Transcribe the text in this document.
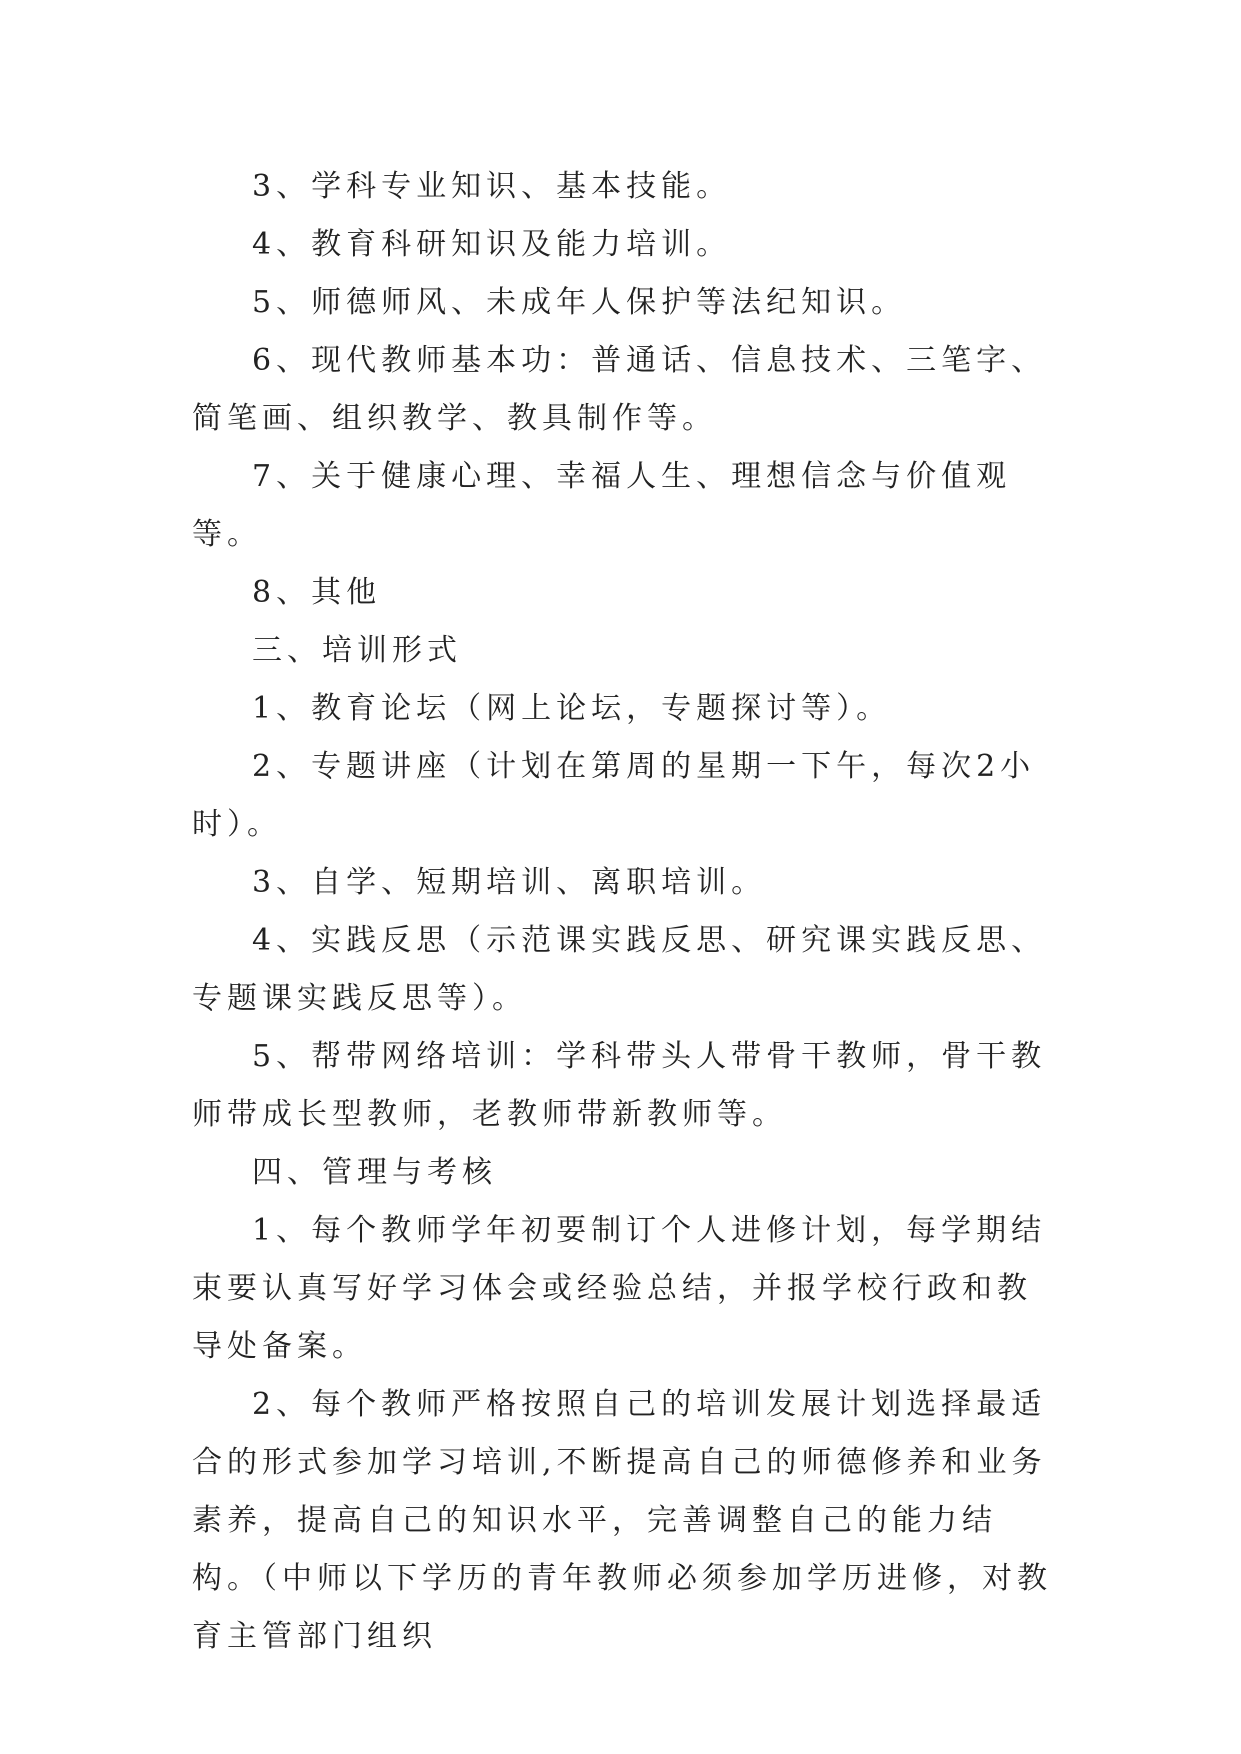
3、学科专业知识、基本技能。

4、教育科研知识及能力培训。

5、师德师风、未成年人保护等法纪知识。

6、现代教师基本功：普通话、信息技术、三笔字、简笔画、组织教学、教具制作等。

7、关于健康心理、幸福人生、理想信念与价值观等。

8、其他

三、培训形式

1、教育论坛（网上论坛，专题探讨等）。

2、专题讲座（计划在第周的星期一下午，每次2小时）。

3、自学、短期培训、离职培训。

4、实践反思（示范课实践反思、研究课实践反思、专题课实践反思等）。

5、帮带网络培训：学科带头人带骨干教师，骨干教师带成长型教师，老教师带新教师等。

四、管理与考核

1、每个教师学年初要制订个人进修计划，每学期结束要认真写好学习体会或经验总结，并报学校行政和教导处备案。

2、每个教师严格按照自己的培训发展计划选择最适合的形式参加学习培训,不断提高自己的师德修养和业务素养，提高自己的知识水平，完善调整自己的能力结构。（中师以下学历的青年教师必须参加学历进修，对教育主管部门组织
